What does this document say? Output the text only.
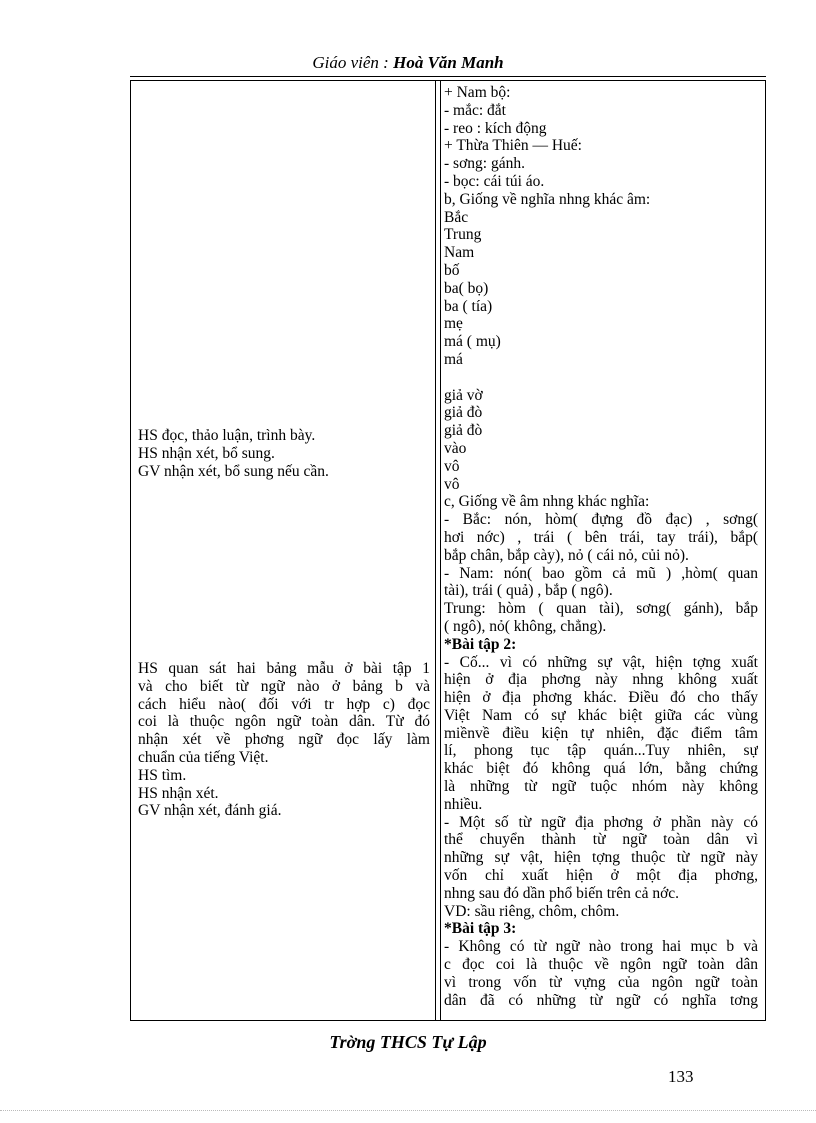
Giáo viên : Hoà Văn Manh
HS đọc, thảo luận, trình bày.
HS nhận xét, bổ sung.
GV nhận xét, bổ sung nếu cần.
HS quan sát hai bảng mẫu ở bài tập 1
và cho biết từ ngữ nào ở bảng b và
cách hiểu nào( đối với tr hợp c) đọc
coi là thuộc ngôn ngữ toàn dân. Từ đó
nhận xét về phơng ngữ đọc lấy làm
chuẩn của tiếng Việt.
HS tìm.
HS nhận xét.
GV nhận xét, đánh giá.
+ Nam bộ:
- mắc: đắt
- reo : kích động
+ Thừa Thiên — Huế:
- sơng: gánh.
- bọc: cái túi áo.
b, Giống về nghĩa nhng khác âm:
Bắc
Trung
Nam
bố
ba( bọ)
ba ( tía)
mẹ
má ( mụ)
má
giả vờ
giả đò
giả đò
vào
vô
vô
c, Giống về âm nhng khác nghĩa:
- Bắc: nón, hòm( đựng đồ đạc) , sơng(
hơi nớc) , trái ( bên trái, tay trái), bắp(
bắp chân, bắp cày), nỏ ( cái nỏ, củi nỏ).
- Nam: nón( bao gồm cả mũ ) ,hòm( quan
tài), trái ( quả) , bắp ( ngô).
Trung: hòm ( quan tài), sơng( gánh), bắp
( ngô), nỏ( không, chẳng).
*Bài tập 2:
- Cố... vì có những sự vật, hiện tợng xuất
hiện ở địa phơng này nhng không xuất
hiện ở địa phơng khác. Điều đó cho thấy
Việt Nam có sự khác biệt giữa các vùng
miềnvề điều kiện tự nhiên, đặc điểm tâm
lí, phong tục tập quán...Tuy nhiên, sự
khác biệt đó không quá lớn, bằng chứng
là những từ ngữ tuộc nhóm này không
nhiều.
- Một số từ ngữ địa phơng ở phần này có
thể chuyển thành từ ngữ toàn dân vì
những sự vật, hiện tợng thuộc từ ngữ này
vốn chỉ xuất hiện ở một địa phơng,
nhng sau đó dần phổ biến trên cả nớc.
VD: sầu riêng, chôm, chôm.
*Bài tập 3:
- Không có từ ngữ nào trong hai mục b và
c đọc coi là thuộc về ngôn ngữ toàn dân
vì trong vốn từ vựng của ngôn ngữ toàn
dân đã có những từ ngữ có nghĩa tơng
Trờng THCS Tự Lập
133
